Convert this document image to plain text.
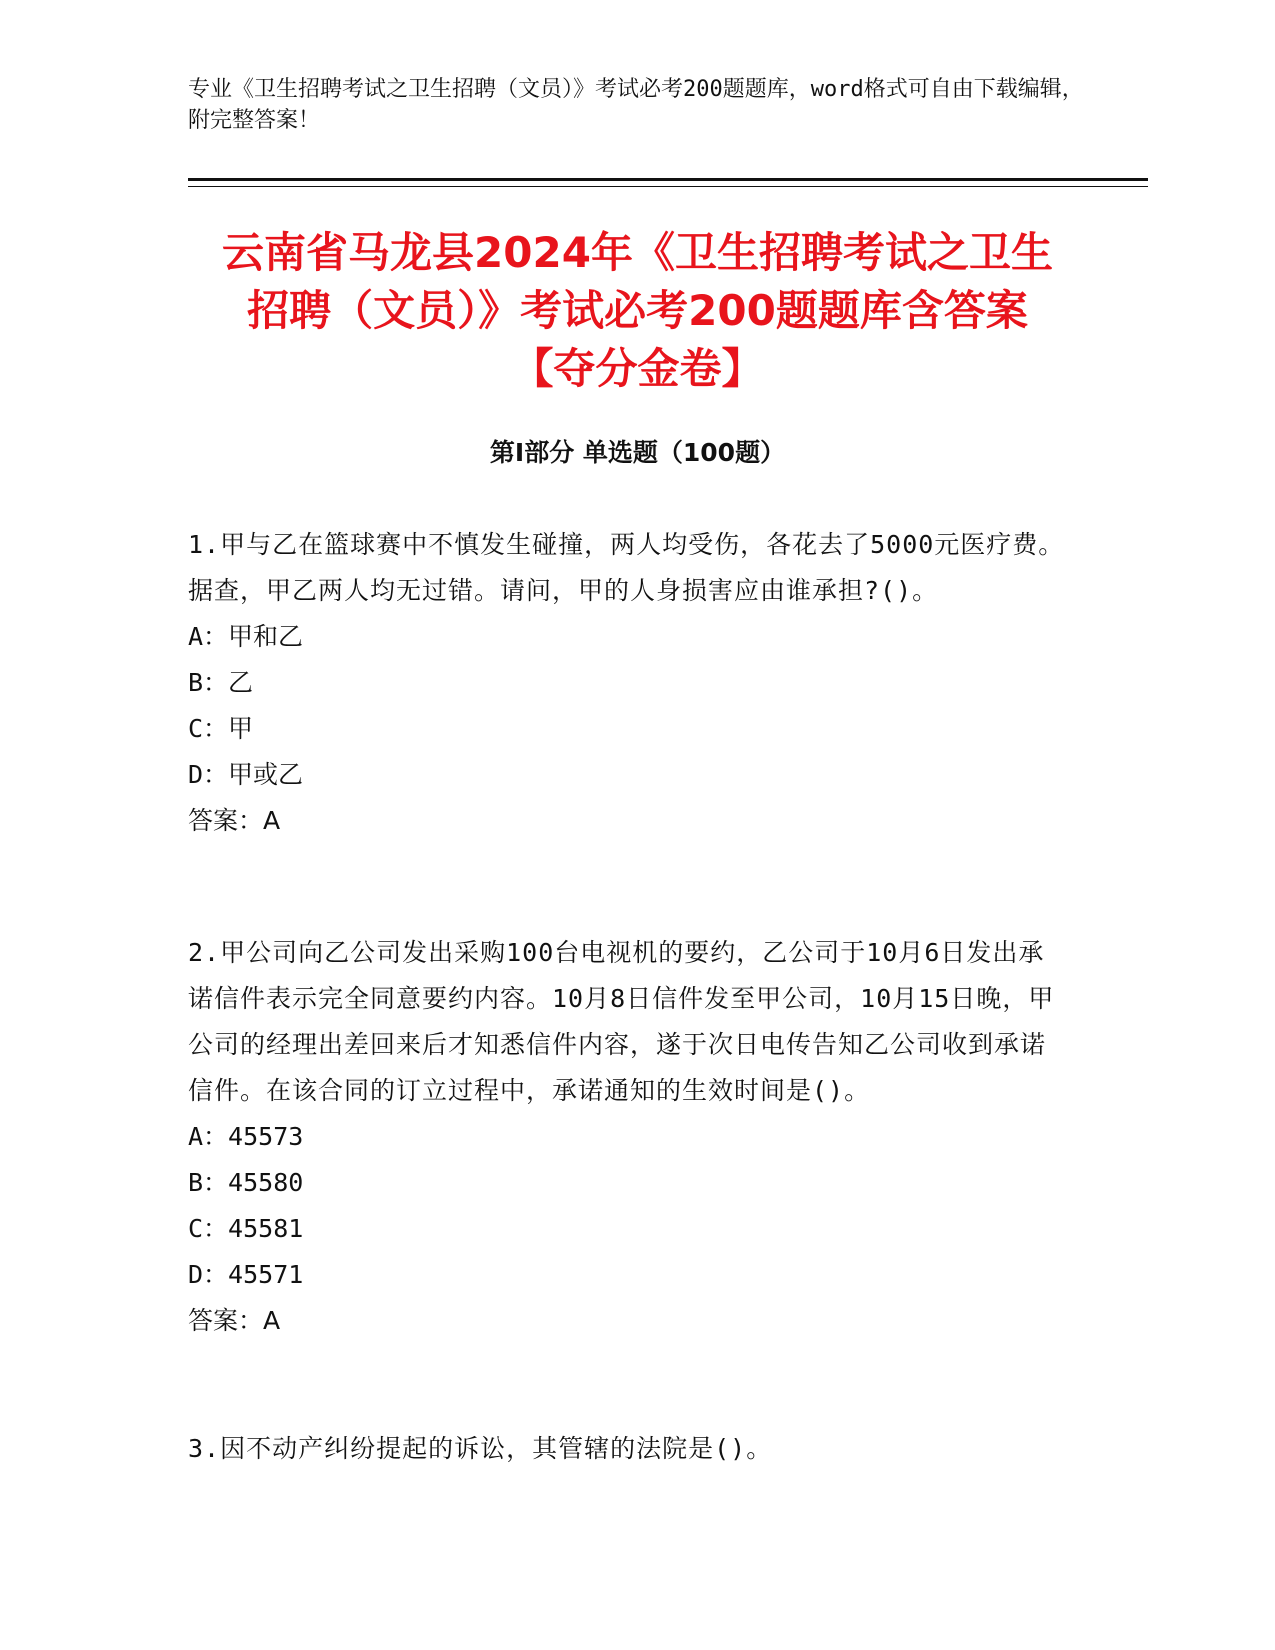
专业《卫生招聘考试之卫生招聘（文员）》考试必考200题题库，word格式可自由下载编辑，附完整答案！
云南省马龙县2024年《卫生招聘考试之卫生
招聘（文员）》考试必考200题题库含答案
【夺分金卷】
第I部分 单选题（100题）
1.甲与乙在篮球赛中不慎发生碰撞，两人均受伤，各花去了5000元医疗费。据查，甲乙两人均无过错。请问，甲的人身损害应由谁承担?()。
A：甲和乙
B：乙
C：甲
D：甲或乙
答案：A
2.甲公司向乙公司发出采购100台电视机的要约，乙公司于10月6日发出承诺信件表示完全同意要约内容。10月8日信件发至甲公司，10月15日晚，甲公司的经理出差回来后才知悉信件内容，遂于次日电传告知乙公司收到承诺信件。在该合同的订立过程中，承诺通知的生效时间是()。
A：45573
B：45580
C：45581
D：45571
答案：A
3.因不动产纠纷提起的诉讼，其管辖的法院是()。
